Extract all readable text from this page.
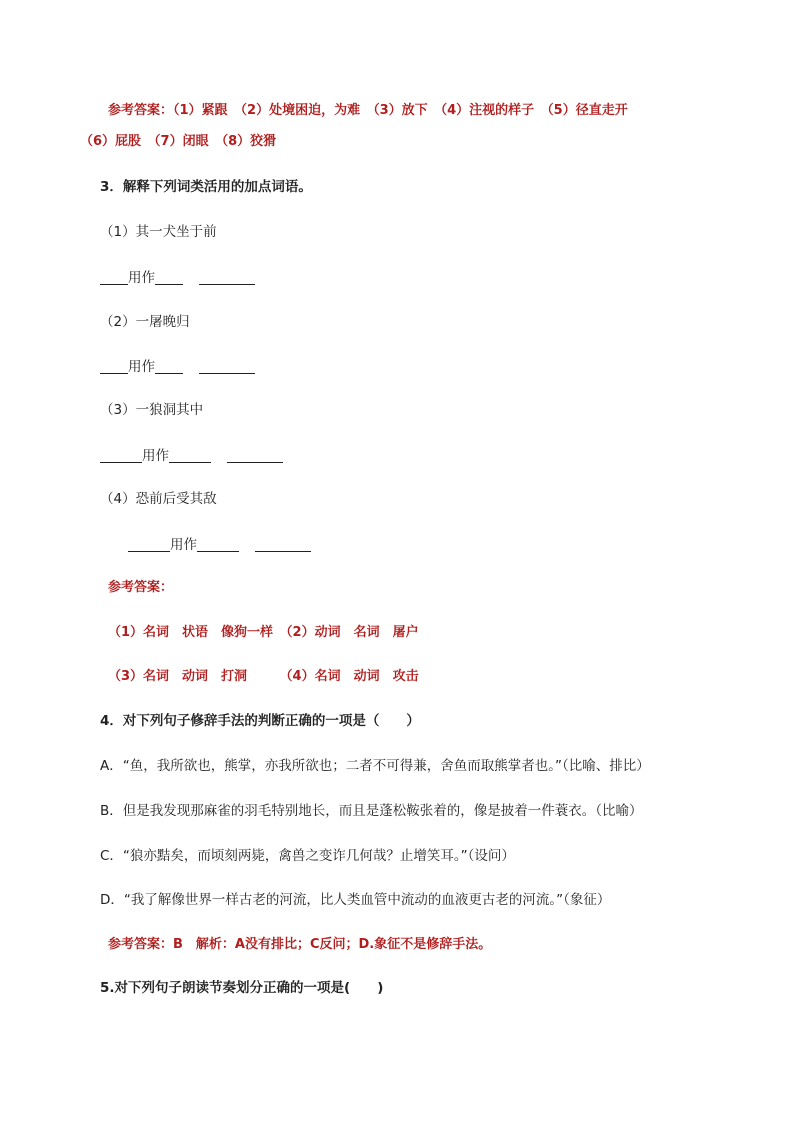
参考答案：（1）紧跟　（2）处境困迫，为难　（3）放下　（4）注视的样子　（5）径直走开
（6）屁股　（7）闭眼　（8）狡猾
3．解释下列词类活用的加点词语。
（1）其一犬坐于前
用作
（2）一屠晚归
用作
（3）一狼洞其中
用作
（4）恐前后受其敌
用作
参考答案：
（1）名词　状语　像狗一样　（2）动词　名词　屠户
（3）名词　动词　打洞　　　（4）名词　动词　攻击
4．对下列句子修辞手法的判断正确的一项是（　　）
A．“鱼，我所欲也，熊掌，亦我所欲也；二者不可得兼，舍鱼而取熊掌者也。”（比喻、排比）
B．但是我发现那麻雀的羽毛特别地长，而且是蓬松鞍张着的，像是披着一件蓑衣。（比喻）
C．“狼亦黠矣，而顷刻两毙，禽兽之变诈几何哉？止增笑耳。”（设问）
D．“我了解像世界一样古老的河流，比人类血管中流动的血液更古老的河流。”（象征）
参考答案：B　解析：A没有排比；C反问；D.象征不是修辞手法。
5.对下列句子朗读节奏划分正确的一项是(　　)
